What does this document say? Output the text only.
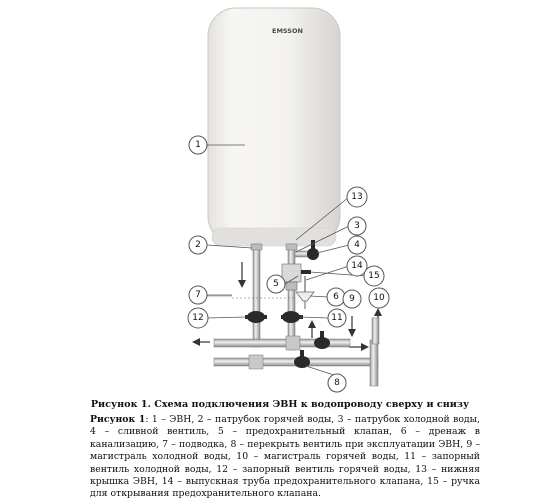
EMSSON
1
2
3
4
5
6
7
8
9 10
11
12
13
14
15
Рисунок 1. Схема подключения ЭВН к водопроводу сверху и снизу
Рисунок 1: 1 – ЭВН, 2 – патрубок горячей воды, 3 – патрубок холодной воды, 4 – сливной вентиль, 5 – предохранительный клапан, 6 – дренаж в канализацию, 7 – подводка, 8 – перекрыть вентиль при эксплуатации ЭВН, 9 – магистраль холодной воды, 10 – магистраль горячей воды, 11 – запорный вентиль холодной воды, 12 – запорный вентиль горячей воды, 13 – нижняя крышка ЭВН, 14 – выпускная труба предохранительного клапана, 15 – ручка для открывания предохранительного клапана.
